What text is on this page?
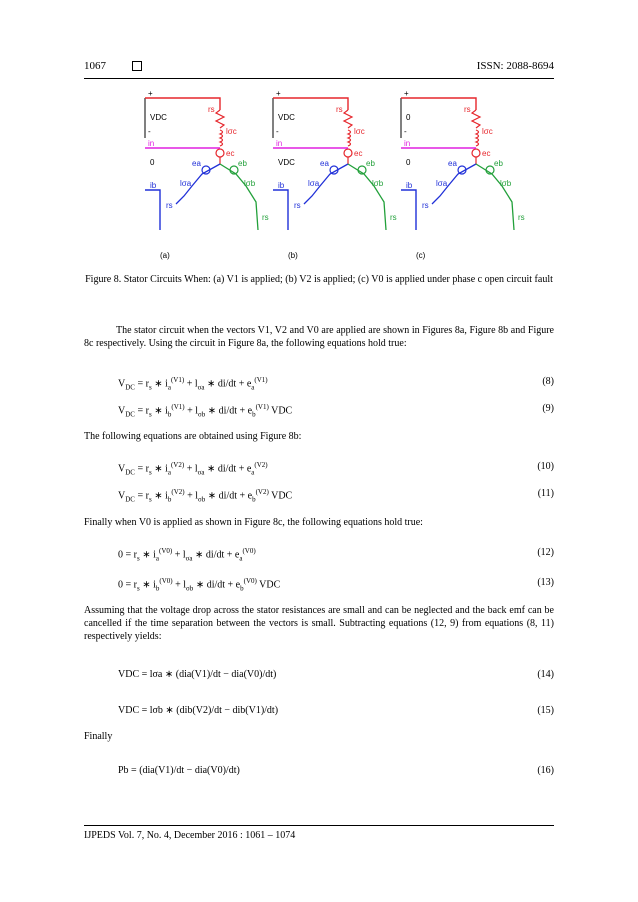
1067	ISSN: 2088-8694
+
VDC
-
in
0
ib
rs
lσc
ec
ea	eb
lσa	lσb
rs
rs
(a)
+
VDC
-
in
VDC
ib
rs
lσc
ec
ea	eb
lσa	lσb
rs
rs
(b)
+
0
-
in
0
ib
rs
lσc
ec
ea	eb
lσa	lσb
rs
rs
(c)
Figure 8. Stator Circuits When: (a) V1 is applied; (b) V2 is applied; (c) V0 is applied under phase c open circuit fault
The stator circuit when the vectors V1, V2 and V0 are applied are shown in Figures 8a, Figure 8b and Figure 8c respectively. Using the circuit in Figure 8a, the following equations hold true:
$V_{DC} = r_s$ ∗ $i_a^{(V1)} + l_{\sigma a}$ ∗ $di/dt + e_a^{(V1)}$	(8)
$V_{DC} = r_s$ ∗ $i_b^{(V1)} + l_{\sigma b}$ ∗ $di/dt + e_b^{(V1)}$ VDC	(9)
$V_{DC} = r_s$ ∗ $i_a^{(V2)} + l_{\sigma a}$ ∗ $di/dt + e_a^{(V2)}$	(10)
$V_{DC} = r_s$ ∗ $i_b^{(V2)} + l_{\sigma b}$ ∗ $di/dt + e_b^{(V2)}$ VDC	(11)
$0 = r_s$ ∗ $i_a^{(V0)} + l_{\sigma a}$ ∗ $di/dt + e_a^{(V0)}$	(12)
$0 = r_s$ ∗ $i_b^{(V0)} + l_{\sigma b}$ ∗ $di/dt + e_b^{(V0)}$ VDC	(13)
VDC = lσa ∗ (dia(V1)/dt − dia(V0)/dt)	(14)
VDC = lσb ∗ (dib(V2)/dt − dib(V1)/dt)	(15)
Pb = (dia(V1)/dt − dia(V0)/dt)	(16)
The following equations are obtained using Figure 8b:
Finally when V0 is applied as shown in Figure 8c, the following equations hold true:
Assuming that the voltage drop across the stator resistances are small and can be neglected and the back emf can be cancelled if the time separation between the vectors is small. Subtracting equations (12, 9) from equations (8, 11) respectively yields:
Finally
IJPEDS Vol. 7, No. 4, December 2016 : 1061 – 1074
